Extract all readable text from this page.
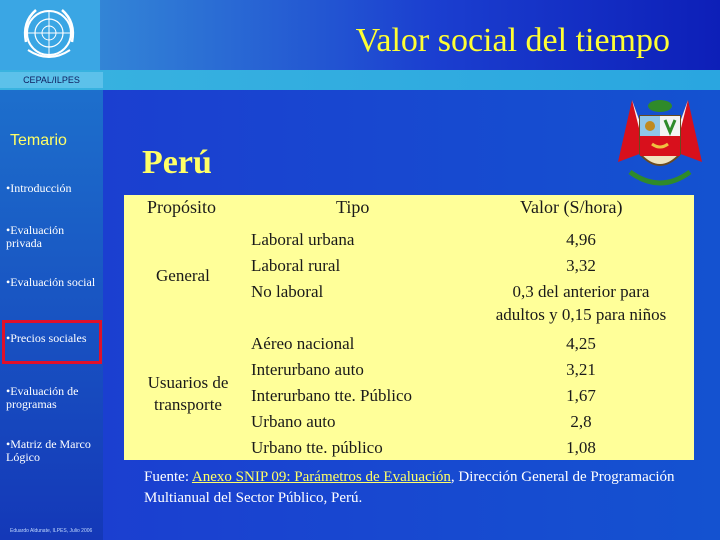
CEPAL/ILPES
Valor social del tiempo
Temario
•Introducción
•Evaluación privada
•Evaluación social
•Precios sociales
•Evaluación de programas
•Matriz de Marco Lógico
Eduardo Aldunate, ILPES, Julio 2006
Perú
Propósito	Tipo	Valor (S/hora)
General
Laboral urbana
Laboral rural
No laboral
4,96
3,32
0,3 del anterior para
adultos y 0,15 para niños
Usuarios de transporte
Aéreo nacional
Interurbano auto
Interurbano tte. Público
Urbano auto
Urbano tte. público
4,25
3,21
1,67
2,8
1,08
Fuente: Anexo SNIP 09: Parámetros de Evaluación, Dirección General de Programación Multianual del Sector Público, Perú.
